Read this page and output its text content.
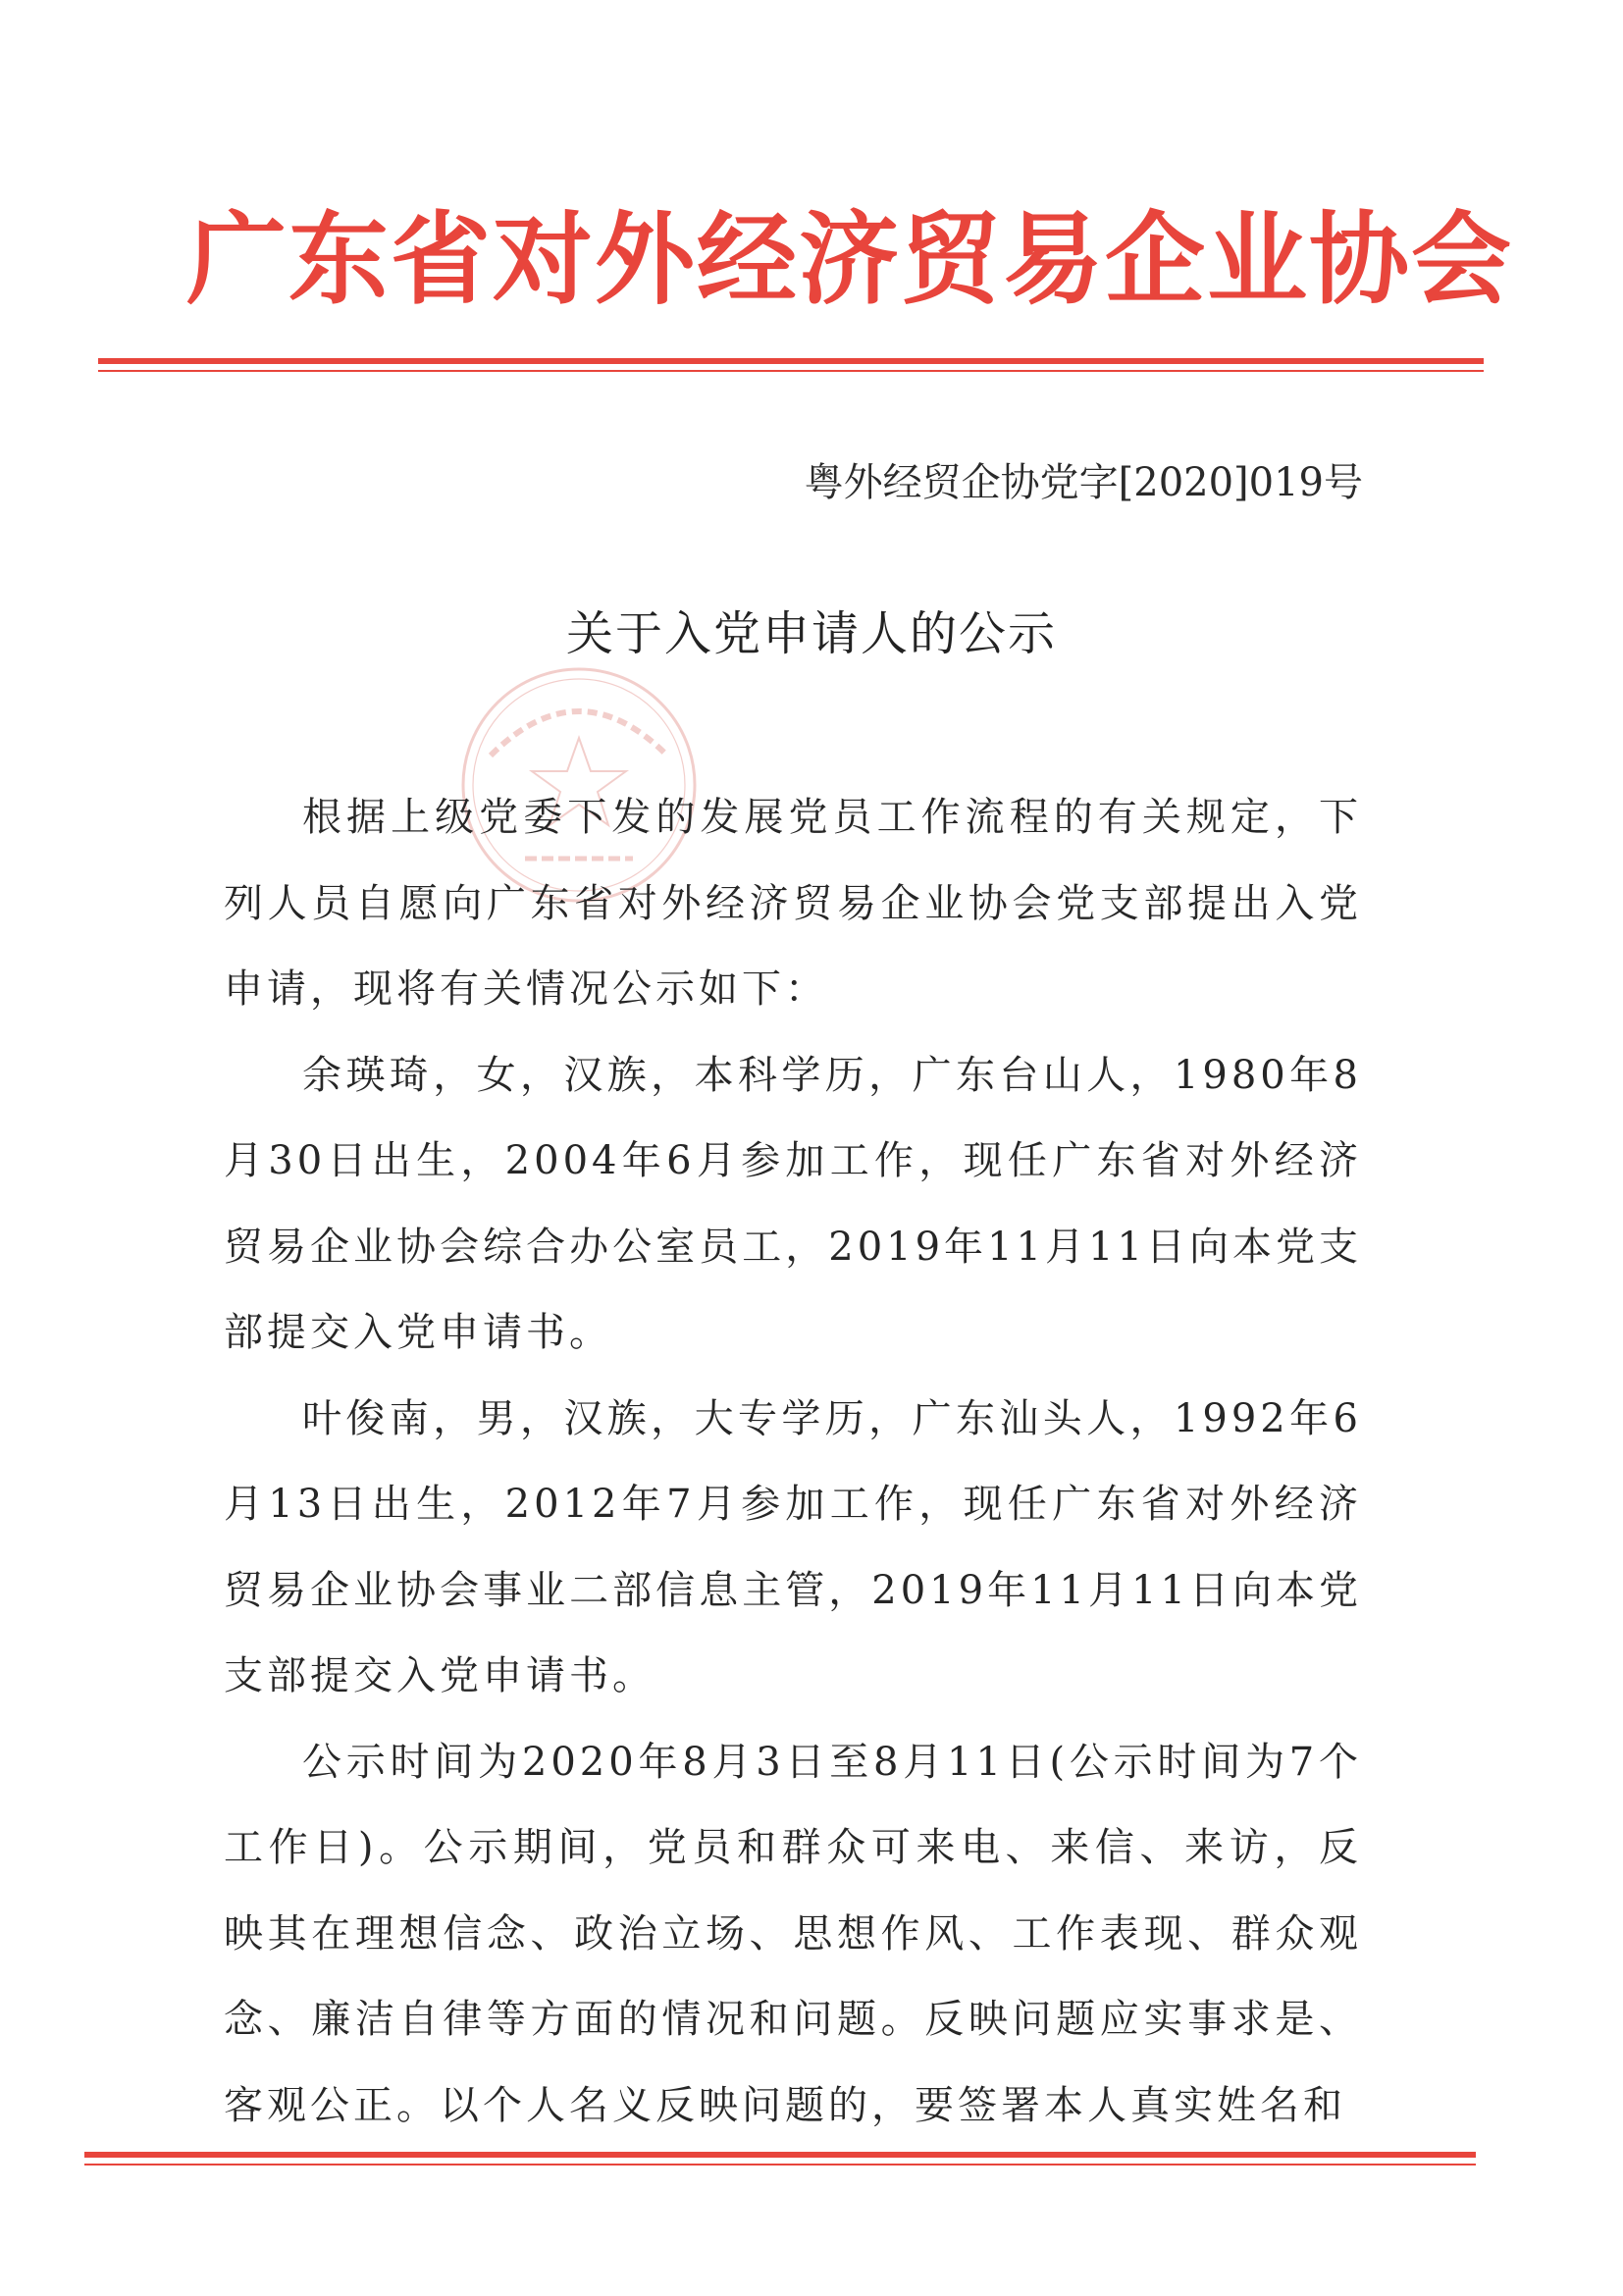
广东省对外经济贸易企业协会
粤外经贸企协党字[2020]019号
关于入党申请人的公示

根据上级党委下发的发展党员工作流程的有关规定，下列人员自愿向广东省对外经济贸易企业协会党支部提出入党申请，现将有关情况公示如下：

余瑛琦，女，汉族，本科学历，广东台山人，1980年8月30日出生，2004年6月参加工作，现任广东省对外经济贸易企业协会综合办公室员工，2019年11月11日向本党支部提交入党申请书。

叶俊南，男，汉族，大专学历，广东汕头人，1992年6月13日出生，2012年7月参加工作，现任广东省对外经济贸易企业协会事业二部信息主管，2019年11月11日向本党支部提交入党申请书。

公示时间为2020年8月3日至8月11日(公示时间为7个工作日)。公示期间，党员和群众可来电、来信、来访，反映其在理想信念、政治立场、思想作风、工作表现、群众观念、廉洁自律等方面的情况和问题。反映问题应实事求是、客观公正。以个人名义反映问题的，要签署本人真实姓名和
